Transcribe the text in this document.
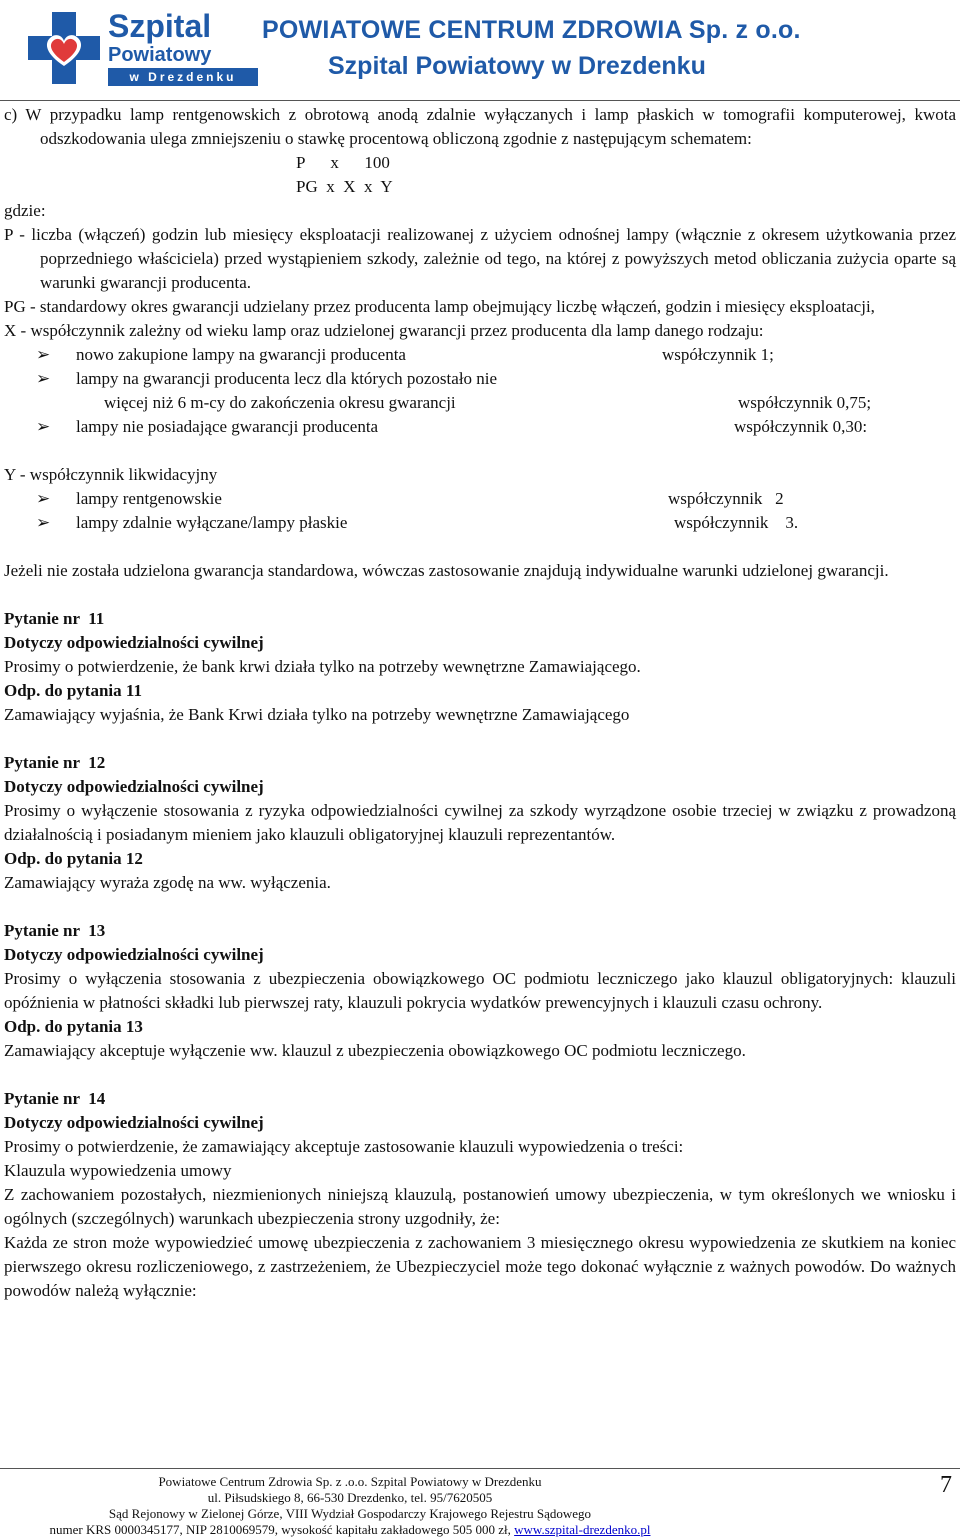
Szpital
Powiatowy
w Drezdenku
POWIATOWE CENTRUM ZDROWIA Sp. z o.o.
Szpital Powiatowy w Drezdenku

c) W przypadku lamp rentgenowskich z obrotową anodą zdalnie wyłączanych i lamp płaskich w tomografii komputerowej, kwota odszkodowania ulega zmniejszeniu o stawkę procentową obliczoną zgodnie z następującym schematem:

P      x      100

PG  x  X  x  Y

gdzie:

P - liczba (włączeń) godzin lub miesięcy eksploatacji realizowanej z użyciem odnośnej lampy (włącznie z okresem użytkowania przez poprzedniego właściciela) przed wystąpieniem szkody, zależnie od tego, na której z powyższych metod obliczania zużycia oparte są warunki gwarancji producenta.

PG - standardowy okres gwarancji udzielany przez producenta lamp obejmujący liczbę włączeń, godzin i miesięcy eksploatacji,

X - współczynnik zależny od wieku lamp oraz udzielonej gwarancji przez producenta dla lamp danego rodzaju:

➢ nowo zakupione lampy na gwarancji producenta	współczynnik 1;
➢ lampy na gwarancji producenta lecz dla których pozostało nie
więcej niż 6 m-cy do zakończenia okresu gwarancji	współczynnik 0,75;
➢ lampy nie posiadające gwarancji producenta	współczynnik 0,30:

Y - współczynnik likwidacyjny

➢ lampy rentgenowskie	współczynnik   2
➢ lampy zdalnie wyłączane/lampy płaskie	współczynnik    3.

Jeżeli nie została udzielona gwarancja standardowa, wówczas zastosowanie znajdują indywidualne warunki udzielonej gwarancji.

Pytanie nr  11

Dotyczy odpowiedzialności cywilnej

Prosimy o potwierdzenie, że bank krwi działa tylko na potrzeby wewnętrzne Zamawiającego.

Odp. do pytania 11

Zamawiający wyjaśnia, że Bank Krwi działa tylko na potrzeby wewnętrzne Zamawiającego

Pytanie nr  12

Dotyczy odpowiedzialności cywilnej

Prosimy o wyłączenie stosowania z ryzyka odpowiedzialności cywilnej za szkody wyrządzone osobie trzeciej w związku z prowadzoną działalnością i posiadanym mieniem jako klauzuli obligatoryjnej klauzuli reprezentantów.

Odp. do pytania 12

Zamawiający wyraża zgodę na ww. wyłączenia.

Pytanie nr  13

Dotyczy odpowiedzialności cywilnej

Prosimy o wyłączenia stosowania z ubezpieczenia obowiązkowego OC podmiotu leczniczego jako klauzul obligatoryjnych: klauzuli opóźnienia w płatności składki lub pierwszej raty, klauzuli pokrycia wydatków prewencyjnych i klauzuli czasu ochrony.

Odp. do pytania 13

Zamawiający akceptuje wyłączenie ww. klauzul z ubezpieczenia obowiązkowego OC podmiotu leczniczego.

Pytanie nr  14

Dotyczy odpowiedzialności cywilnej

Prosimy o potwierdzenie, że zamawiający akceptuje zastosowanie klauzuli wypowiedzenia o treści:

Klauzula wypowiedzenia umowy

Z zachowaniem pozostałych, niezmienionych niniejszą klauzulą, postanowień umowy ubezpieczenia, w tym określonych we wniosku i ogólnych (szczególnych) warunkach ubezpieczenia strony uzgodniły, że:

Każda ze stron może wypowiedzieć umowę ubezpieczenia z zachowaniem 3 miesięcznego okresu wypowiedzenia ze skutkiem na koniec pierwszego okresu rozliczeniowego, z zastrzeżeniem, że Ubezpieczyciel może tego dokonać wyłącznie z ważnych powodów. Do ważnych powodów należą wyłącznie:

Powiatowe Centrum Zdrowia Sp. z .o.o. Szpital Powiatowy w Drezdenku
ul. Piłsudskiego 8, 66-530 Drezdenko, tel. 95/7620505
Sąd Rejonowy w Zielonej Górze, VIII Wydział Gospodarczy Krajowego Rejestru Sądowego
numer KRS 0000345177, NIP 2810069579, wysokość kapitału zakładowego 505 000 zł, www.szpital-drezdenko.pl
7
